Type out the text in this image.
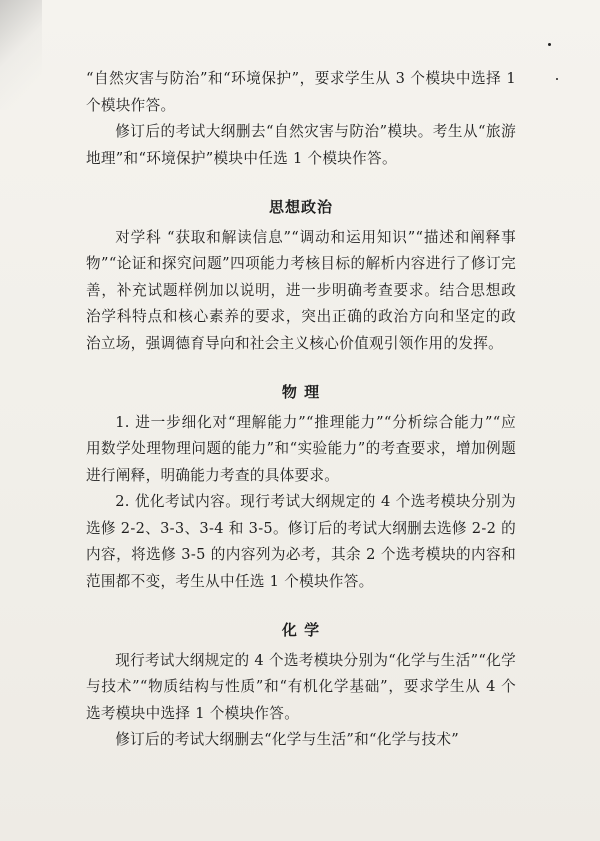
“自然灾害与防治”和“环境保护”，要求学生从 3 个模块中选择 1 个模块作答。

修订后的考试大纲删去“自然灾害与防治”模块。考生从“旅游地理”和“环境保护”模块中任选 1 个模块作答。

思想政治

对学科 “获取和解读信息”“调动和运用知识”“描述和阐释事物”“论证和探究问题”四项能力考核目标的解析内容进行了修订完善，补充试题样例加以说明，进一步明确考查要求。结合思想政治学科特点和核心素养的要求，突出正确的政治方向和坚定的政治立场，强调德育导向和社会主义核心价值观引领作用的发挥。

物 理

1. 进一步细化对“理解能力”“推理能力”“分析综合能力”“应用数学处理物理问题的能力”和“实验能力”的考查要求，增加例题进行阐释，明确能力考查的具体要求。

2. 优化考试内容。现行考试大纲规定的 4 个选考模块分别为选修 2-2、3-3、3-4 和 3-5。修订后的考试大纲删去选修 2-2 的内容，将选修 3-5 的内容列为必考，其余 2 个选考模块的内容和范围都不变，考生从中任选 1 个模块作答。

化 学

现行考试大纲规定的 4 个选考模块分别为“化学与生活”“化学与技术”“物质结构与性质”和“有机化学基础”，要求学生从 4 个选考模块中选择 1 个模块作答。

修订后的考试大纲删去“化学与生活”和“化学与技术”
